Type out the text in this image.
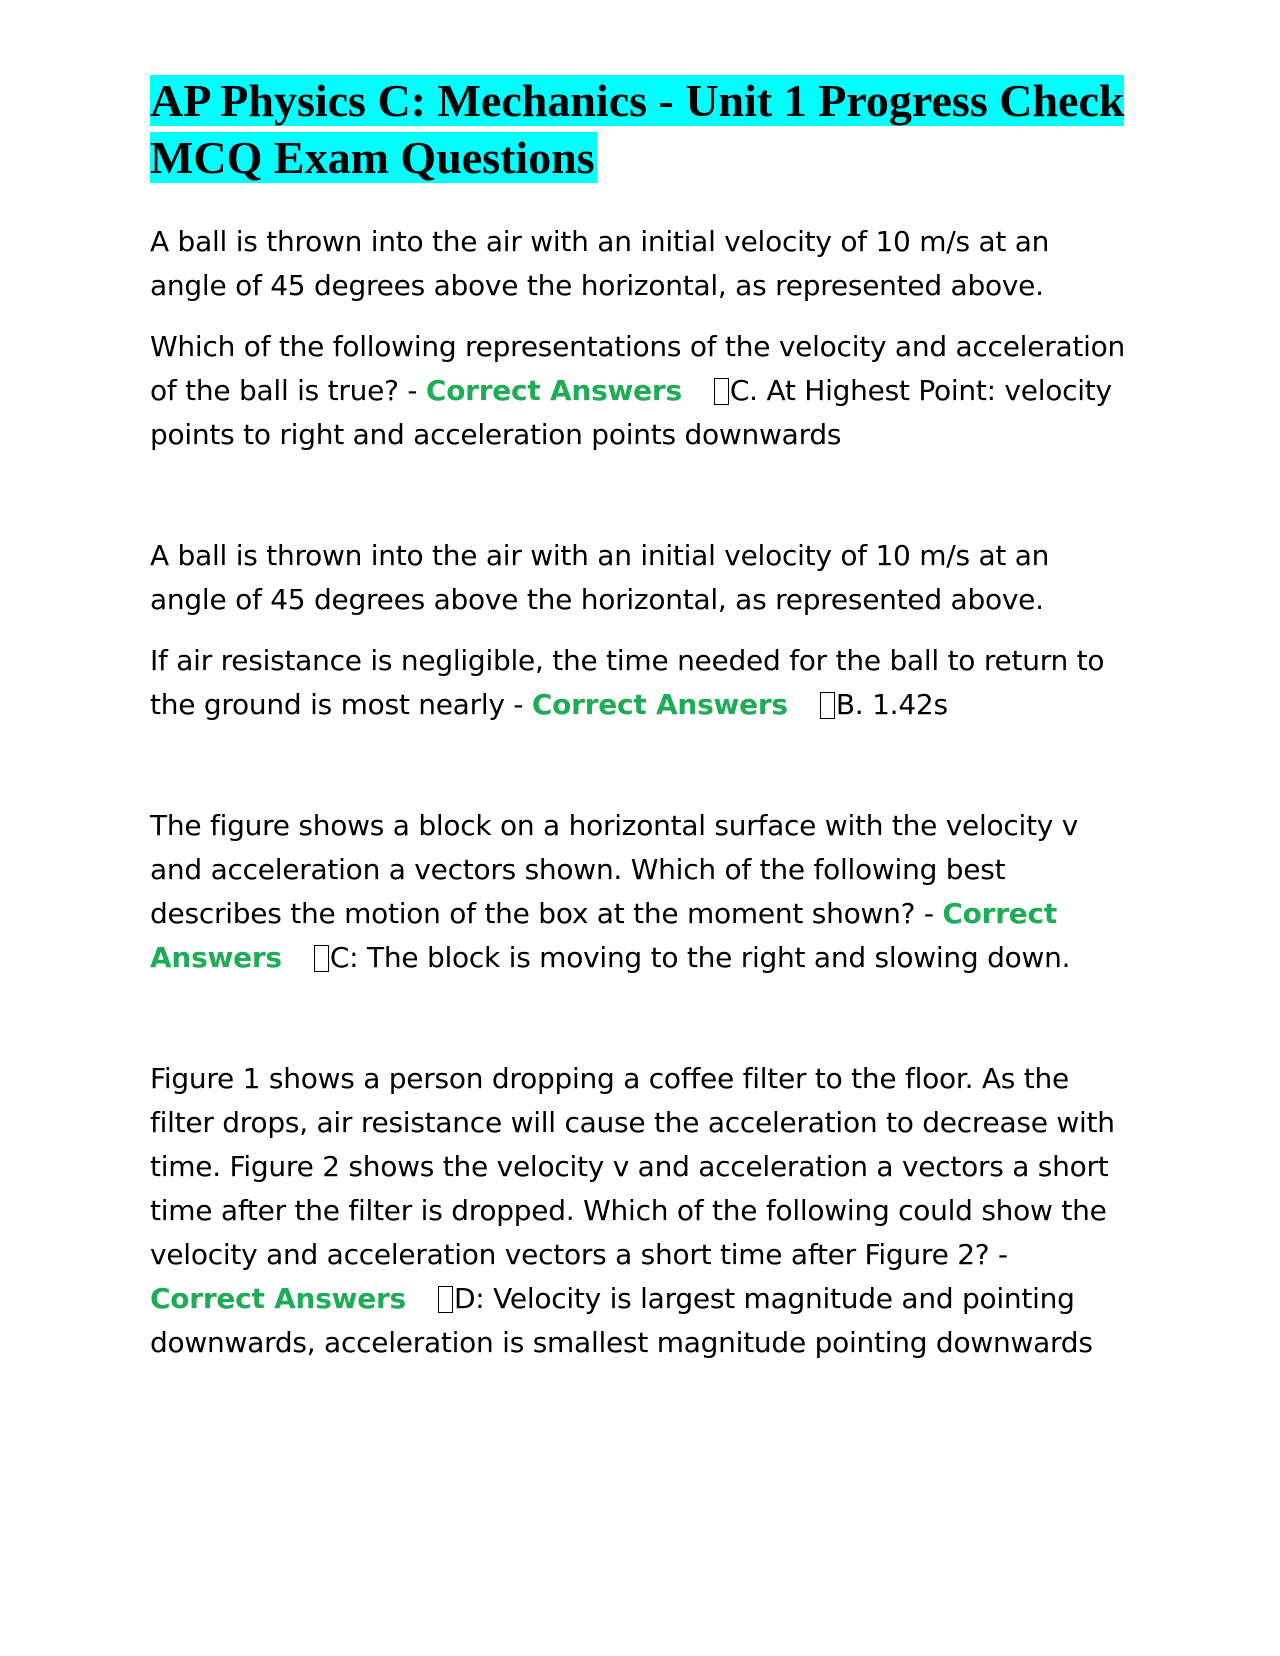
AP Physics C: Mechanics - Unit 1 Progress Check MCQ Exam Questions

A ball is thrown into the air with an initial velocity of 10 m/s at an angle of 45 degrees above the horizontal, as represented above.

Which of the following representations of the velocity and acceleration of the ball is true? - Correct Answers C. At Highest Point: velocity points to right and acceleration points downwards

A ball is thrown into the air with an initial velocity of 10 m/s at an angle of 45 degrees above the horizontal, as represented above.

If air resistance is negligible, the time needed for the ball to return to the ground is most nearly - Correct Answers B. 1.42s

The figure shows a block on a horizontal surface with the velocity v and acceleration a vectors shown. Which of the following best describes the motion of the box at the moment shown? - Correct Answers C: The block is moving to the right and slowing down.

Figure 1 shows a person dropping a coffee filter to the floor. As the filter drops, air resistance will cause the acceleration to decrease with time. Figure 2 shows the velocity v and acceleration a vectors a short time after the filter is dropped. Which of the following could show the velocity and acceleration vectors a short time after Figure 2? - Correct Answers D: Velocity is largest magnitude and pointing downwards, acceleration is smallest magnitude pointing downwards
